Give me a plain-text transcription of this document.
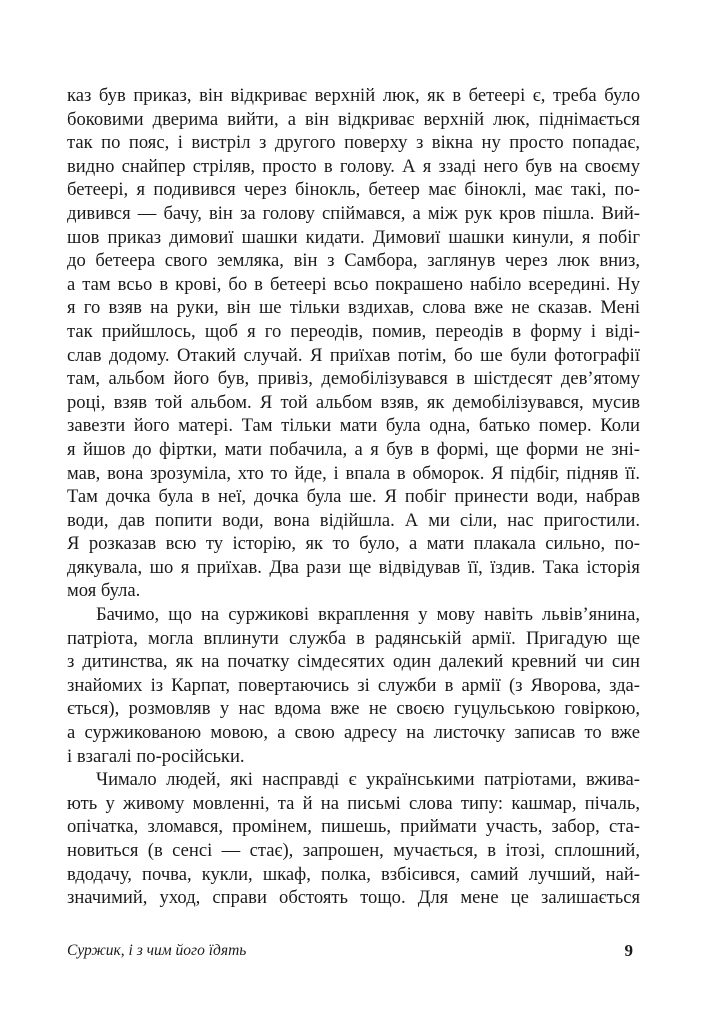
каз був приказ, він відкриває верхній люк, як в бетеері є, треба було
боковими дверима вийти, а він відкриває верхній люк, піднімається
так по пояс, і вистріл з другого поверху з вікна ну просто попадає,
видно снайпер стріляв, просто в голову. А я ззаді него був на своєму
бетеері, я подивився через бінокль, бетеер має біноклі, має такі, по-
дивився — бачу, він за голову спіймався, а між рук кров пішла. Вий-
шов приказ димовиї шашки кидати. Димовиї шашки кинули, я побіг
до бетеера свого земляка, він з Самбора, заглянув через люк вниз,
а там всьо в крові, бо в бетеері всьо покрашено набіло всередині. Ну
я го взяв на руки, він ше тільки вздихав, слова вже не сказав. Мені
так прийшлось, щоб я го переодів, помив, переодів в форму і віді-
слав додому. Отакий случай. Я приїхав потім, бо ше були фотографії
там, альбом його був, привіз, демобілізувався в шістдесят дев’ятому
році, взяв той альбом. Я той альбом взяв, як демобілізувався, мусив
завезти його матері. Там тільки мати була одна, батько помер. Коли
я йшов до фіртки, мати побачила, а я був в формі, ще форми не зні-
мав, вона зрозуміла, хто то йде, і впала в обморок. Я підбіг, підняв її.
Там дочка була в неї, дочка була ше. Я побіг принести води, набрав
води, дав попити води, вона відійшла. А ми сіли, нас пригостили.
Я розказав всю ту історію, як то було, а мати плакала сильно, по-
дякувала, шо я приїхав. Два рази ще відвідував її, їздив. Така історія
моя була.
Бачимо, що на суржикові вкраплення у мову навіть львів’янина,
патріота, могла вплинути служба в радянській армії. Пригадую ще
з дитинства, як на початку сімдесятих один далекий кревний чи син
знайомих із Карпат, повертаючись зі служби в армії (з Яворова, зда-
ється), розмовляв у нас вдома вже не своєю гуцульською говіркою,
а суржикованою мовою, а свою адресу на листочку записав то вже
і взагалі по-російськи.
Чимало людей, які насправді є українськими патріотами, вжива-
ють у живому мовленні, та й на письмі слова типу: кашмар, пічаль,
опічатка, зломався, промінем, пишешь, приймати участь, забор, ста-
новиться (в сенсі — стає), запрошен, мучається, в ітозі, сплошний,
вдодачу, почва, кукли, шкаф, полка, взбісився, самий лучший, най-
значимий, уход, справи обстоять тощо. Для мене це залишається
Суржик, і з чим його їдять	9
